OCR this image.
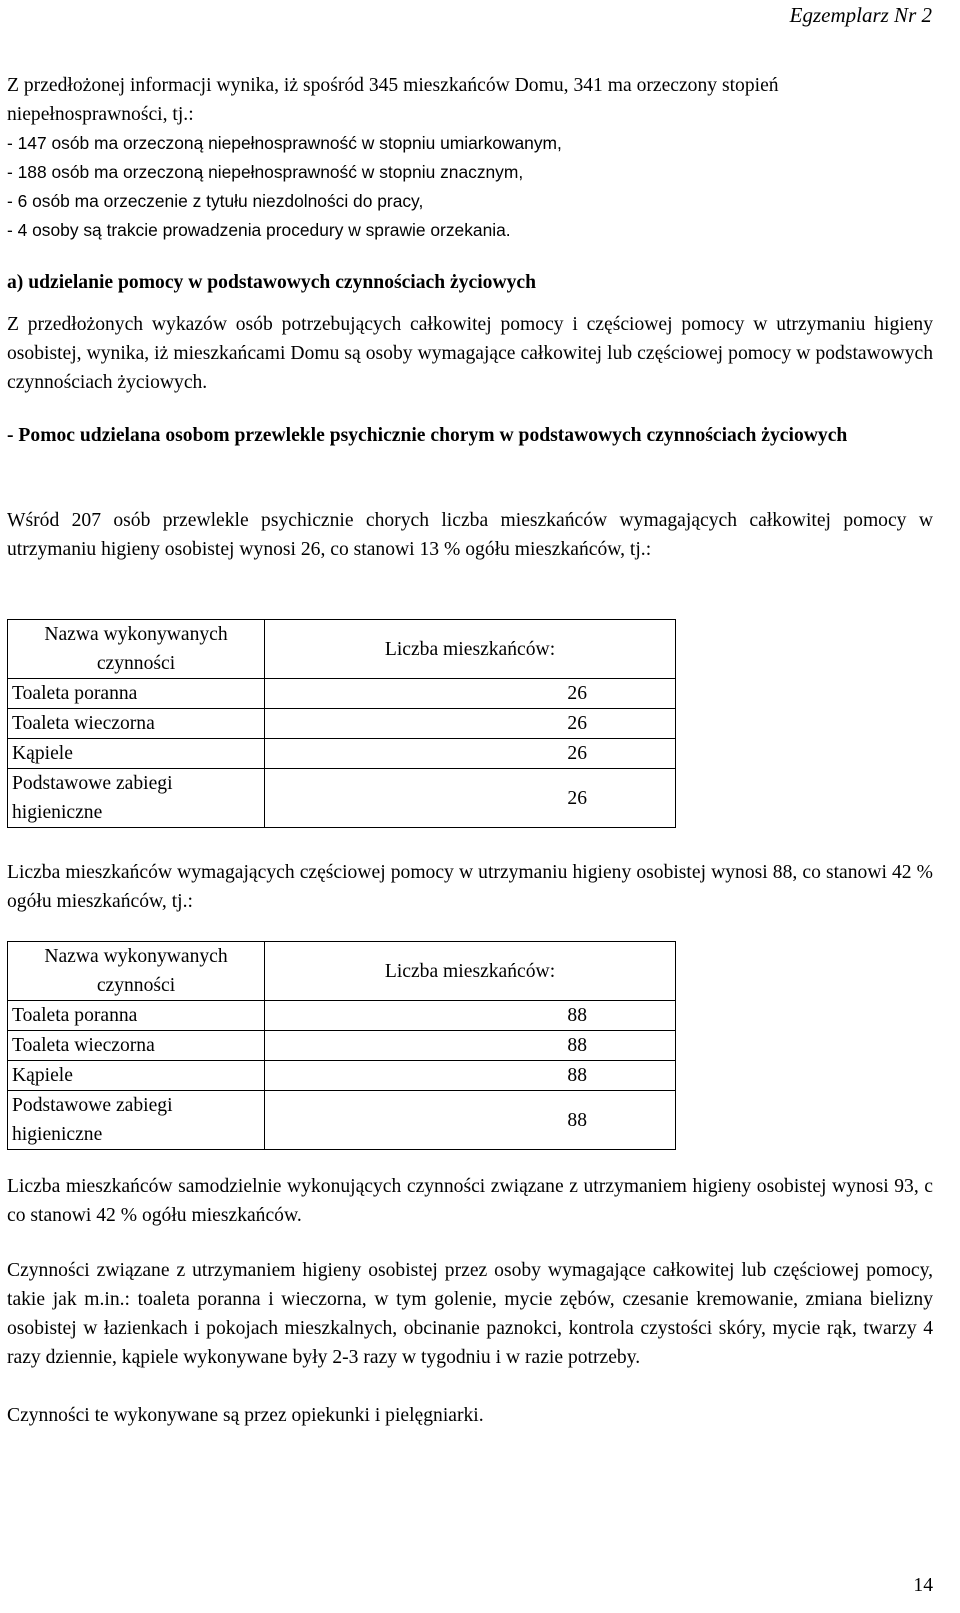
Egzemplarz Nr 2

Z przedłożonej informacji wynika, iż spośród 345 mieszkańców Domu, 341 ma orzeczony stopień niepełnosprawności, tj.:

- 147 osób ma orzeczoną niepełnosprawność w stopniu umiarkowanym,

- 188 osób ma orzeczoną niepełnosprawność w stopniu znacznym,

- 6 osób ma orzeczenie z tytułu niezdolności do pracy,

- 4 osoby są trakcie prowadzenia procedury w sprawie orzekania.

a) udzielanie pomocy w podstawowych czynnościach życiowych

Z przedłożonych wykazów osób potrzebujących całkowitej pomocy i częściowej pomocy w utrzymaniu higieny osobistej, wynika, iż mieszkańcami Domu są osoby wymagające całkowitej lub częściowej pomocy w podstawowych czynnościach życiowych.

- Pomoc udzielana osobom przewlekle psychicznie chorym w podstawowych czynnościach życiowych

Wśród 207 osób przewlekle psychicznie chorych liczba mieszkańców wymagających całkowitej pomocy w utrzymaniu higieny osobistej wynosi 26, co stanowi 13 % ogółu mieszkańców, tj.:

Nazwa wykonywanych czynności	Liczba mieszkańców:
Toaleta poranna	26
Toaleta wieczorna	26
Kąpiele	26
Podstawowe zabiegi higieniczne	26

Liczba mieszkańców wymagających częściowej pomocy w utrzymaniu higieny osobistej wynosi 88, co stanowi 42 % ogółu mieszkańców, tj.:

Nazwa wykonywanych czynności	Liczba mieszkańców:
Toaleta poranna	88
Toaleta wieczorna	88
Kąpiele	88
Podstawowe zabiegi higieniczne	88

Liczba mieszkańców samodzielnie wykonujących czynności związane z utrzymaniem higieny osobistej wynosi 93, c co stanowi 42 % ogółu mieszkańców.

Czynności związane z utrzymaniem higieny osobistej przez osoby wymagające całkowitej lub częściowej pomocy, takie jak m.in.: toaleta poranna i wieczorna, w tym golenie, mycie zębów, czesanie kremowanie, zmiana bielizny osobistej w łazienkach i pokojach mieszkalnych, obcinanie paznokci, kontrola czystości skóry, mycie rąk, twarzy 4 razy dziennie, kąpiele wykonywane były 2-3 razy w tygodniu i w razie potrzeby.

Czynności te wykonywane są przez opiekunki i pielęgniarki.

14
